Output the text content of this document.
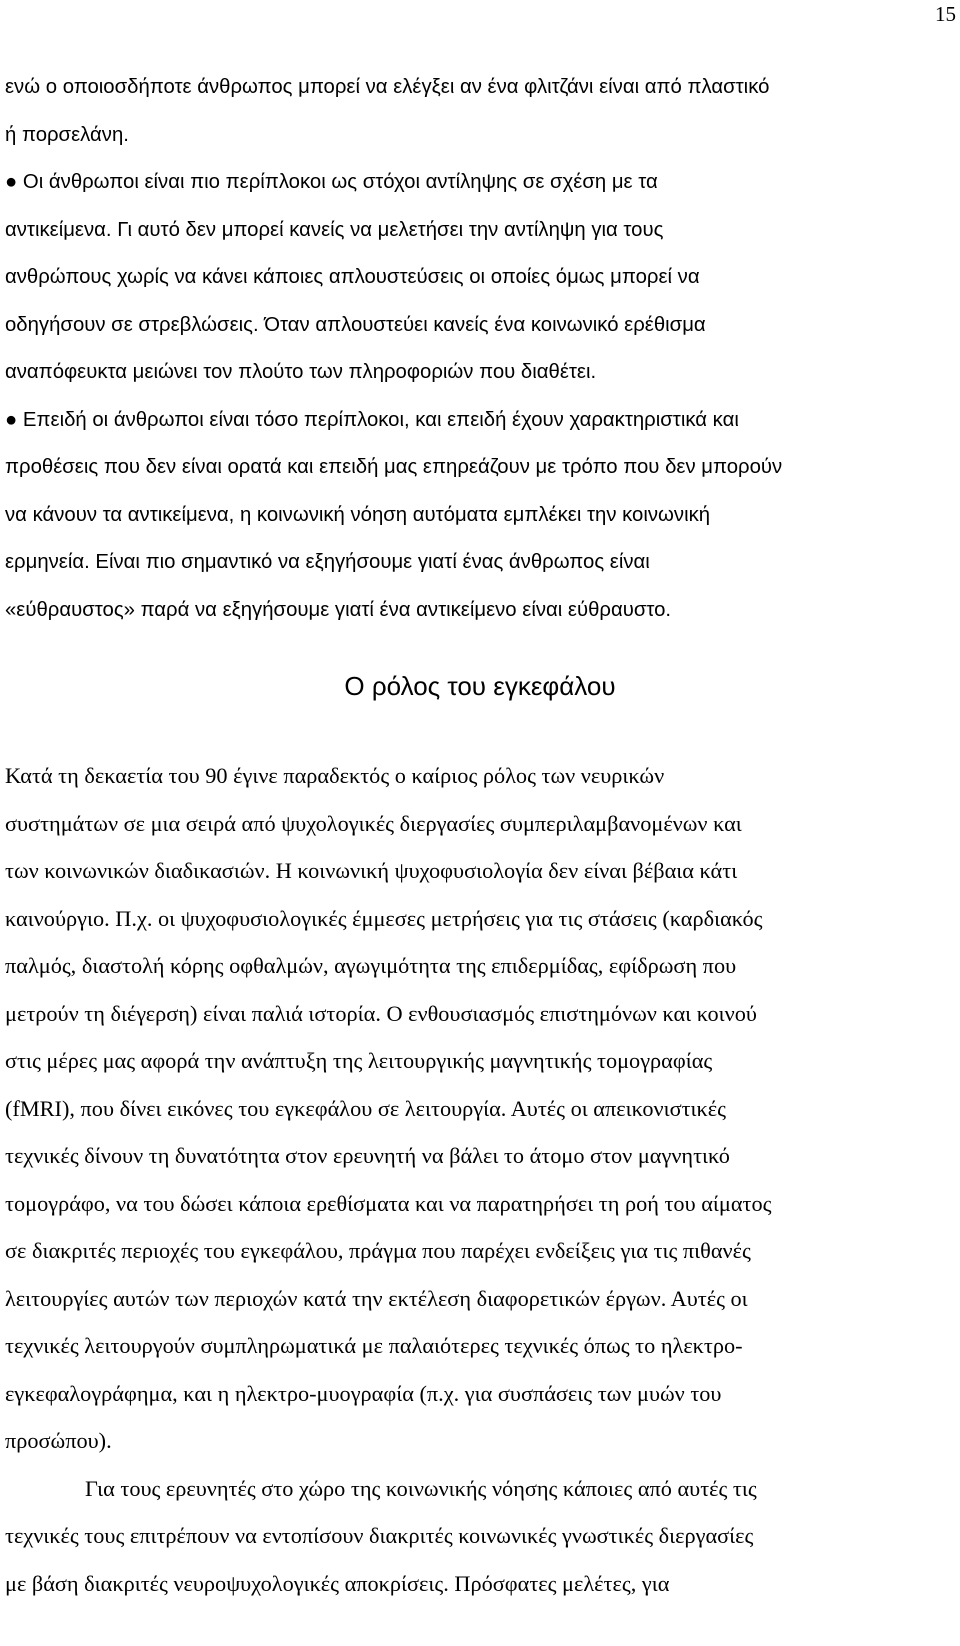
15
ενώ ο οποιοσδήποτε άνθρωπος μπορεί να ελέγξει αν ένα φλιτζάνι είναι από πλαστικό
ή πορσελάνη.
● Οι άνθρωποι είναι πιο περίπλοκοι ως στόχοι αντίληψης σε σχέση με τα
αντικείμενα. Γι αυτό δεν μπορεί κανείς να μελετήσει την αντίληψη για τους
ανθρώπους χωρίς να κάνει κάποιες απλουστεύσεις οι οποίες όμως μπορεί να
οδηγήσουν σε στρεβλώσεις. Όταν απλουστεύει κανείς ένα κοινωνικό ερέθισμα
αναπόφευκτα μειώνει τον πλούτο των πληροφοριών που διαθέτει.
● Επειδή οι άνθρωποι είναι τόσο περίπλοκοι, και επειδή έχουν χαρακτηριστικά και
προθέσεις που δεν είναι ορατά και επειδή μας επηρεάζουν με τρόπο που δεν μπορούν
να κάνουν τα αντικείμενα, η κοινωνική νόηση αυτόματα εμπλέκει την κοινωνική
ερμηνεία. Είναι πιο σημαντικό να εξηγήσουμε γιατί ένας άνθρωπος είναι
«εύθραυστος» παρά να εξηγήσουμε γιατί ένα αντικείμενο είναι εύθραυστο.
Ο ρόλος του εγκεφάλου
Κατά τη δεκαετία του 90 έγινε παραδεκτός ο καίριος ρόλος των νευρικών
συστημάτων σε μια σειρά από ψυχολογικές διεργασίες συμπεριλαμβανομένων και
των κοινωνικών διαδικασιών. Η κοινωνική ψυχοφυσιολογία δεν είναι βέβαια κάτι
καινούργιο. Π.χ. οι ψυχοφυσιολογικές έμμεσες μετρήσεις για τις στάσεις (καρδιακός
παλμός, διαστολή κόρης οφθαλμών, αγωγιμότητα της επιδερμίδας, εφίδρωση που
μετρούν τη διέγερση) είναι παλιά ιστορία. Ο ενθουσιασμός επιστημόνων και κοινού
στις μέρες μας αφορά την ανάπτυξη της λειτουργικής μαγνητικής τομογραφίας
(fMRI), που δίνει εικόνες του εγκεφάλου σε λειτουργία. Αυτές οι απεικονιστικές
τεχνικές δίνουν τη δυνατότητα στον ερευνητή να βάλει το άτομο στον μαγνητικό
τομογράφο, να του δώσει κάποια ερεθίσματα και να παρατηρήσει τη ροή του αίματος
σε διακριτές περιοχές του εγκεφάλου, πράγμα που παρέχει ενδείξεις για τις πιθανές
λειτουργίες αυτών των περιοχών κατά την εκτέλεση διαφορετικών έργων. Αυτές οι
τεχνικές λειτουργούν συμπληρωματικά με παλαιότερες τεχνικές όπως το ηλεκτρο-
εγκεφαλογράφημα, και η ηλεκτρο-μυογραφία (π.χ. για συσπάσεις των μυών του
προσώπου).
Για τους ερευνητές στο χώρο της κοινωνικής νόησης κάποιες από αυτές τις
τεχνικές τους επιτρέπουν να εντοπίσουν διακριτές κοινωνικές γνωστικές διεργασίες
με βάση διακριτές νευροψυχολογικές αποκρίσεις. Πρόσφατες μελέτες, για
